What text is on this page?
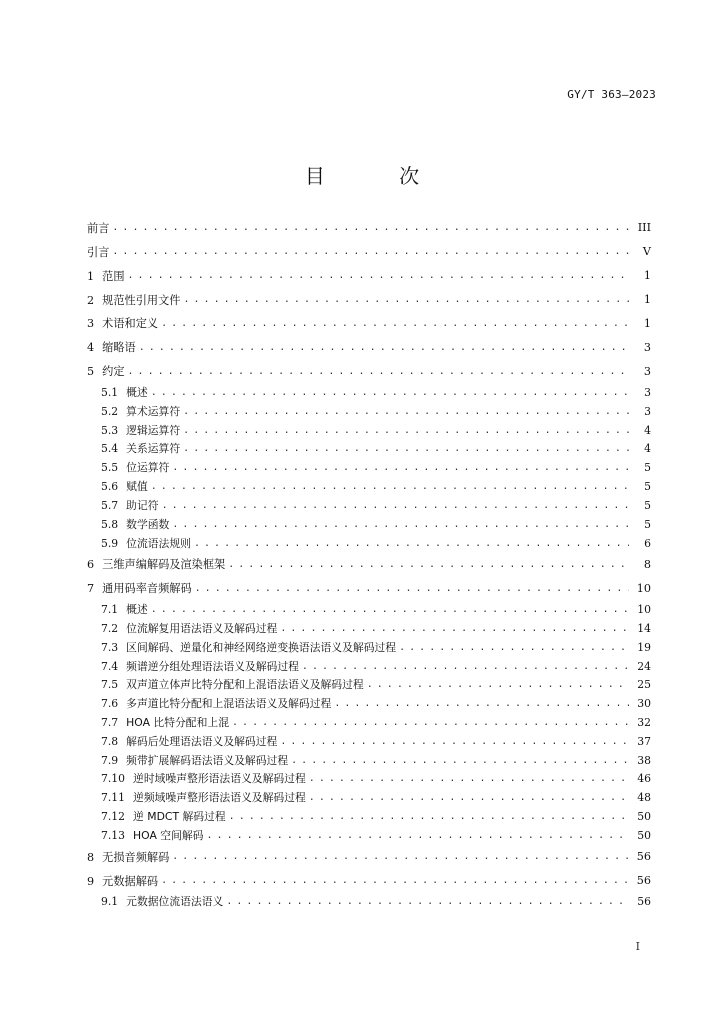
GY/T 363—2023
目 次
前言 . . .	III
引言 . . .	V
1 范围 . . .	1
2 规范性引用文件 . . .	1
3 术语和定义 . . .	1
4 缩略语 . . .	3
5 约定 . . .	3
5.1 概述 . . .	3
5.2 算术运算符 . . .	3
5.3 逻辑运算符 . . .	4
5.4 关系运算符 . . .	4
5.5 位运算符 . . .	5
5.6 赋值 . . .	5
5.7 助记符 . . .	5
5.8 数学函数 . . .	5
5.9 位流语法规则 . . .	6
6 三维声编解码及渲染框架 . . .	8
7 通用码率音频解码 . . .	10
7.1 概述 . . .	10
7.2 位流解复用语法语义及解码过程 . . .	14
7.3 区间解码、逆量化和神经网络逆变换语法语义及解码过程 . . .	19
7.4 频谱逆分组处理语法语义及解码过程 . . .	24
7.5 双声道立体声比特分配和上混语法语义及解码过程 . . .	25
7.6 多声道比特分配和上混语法语义及解码过程 . . .	30
7.7 HOA 比特分配和上混 . . .	32
7.8 解码后处理语法语义及解码过程 . . .	37
7.9 频带扩展解码语法语义及解码过程 . . .	38
7.10 逆时域噪声整形语法语义及解码过程 . . .	46
7.11 逆频域噪声整形语法语义及解码过程 . . .	48
7.12 逆 MDCT 解码过程 . . .	50
7.13 HOA 空间解码 . . .	50
8 无损音频解码 . . .	56
9 元数据解码 . . .	56
9.1 元数据位流语法语义 . . .	56
I
